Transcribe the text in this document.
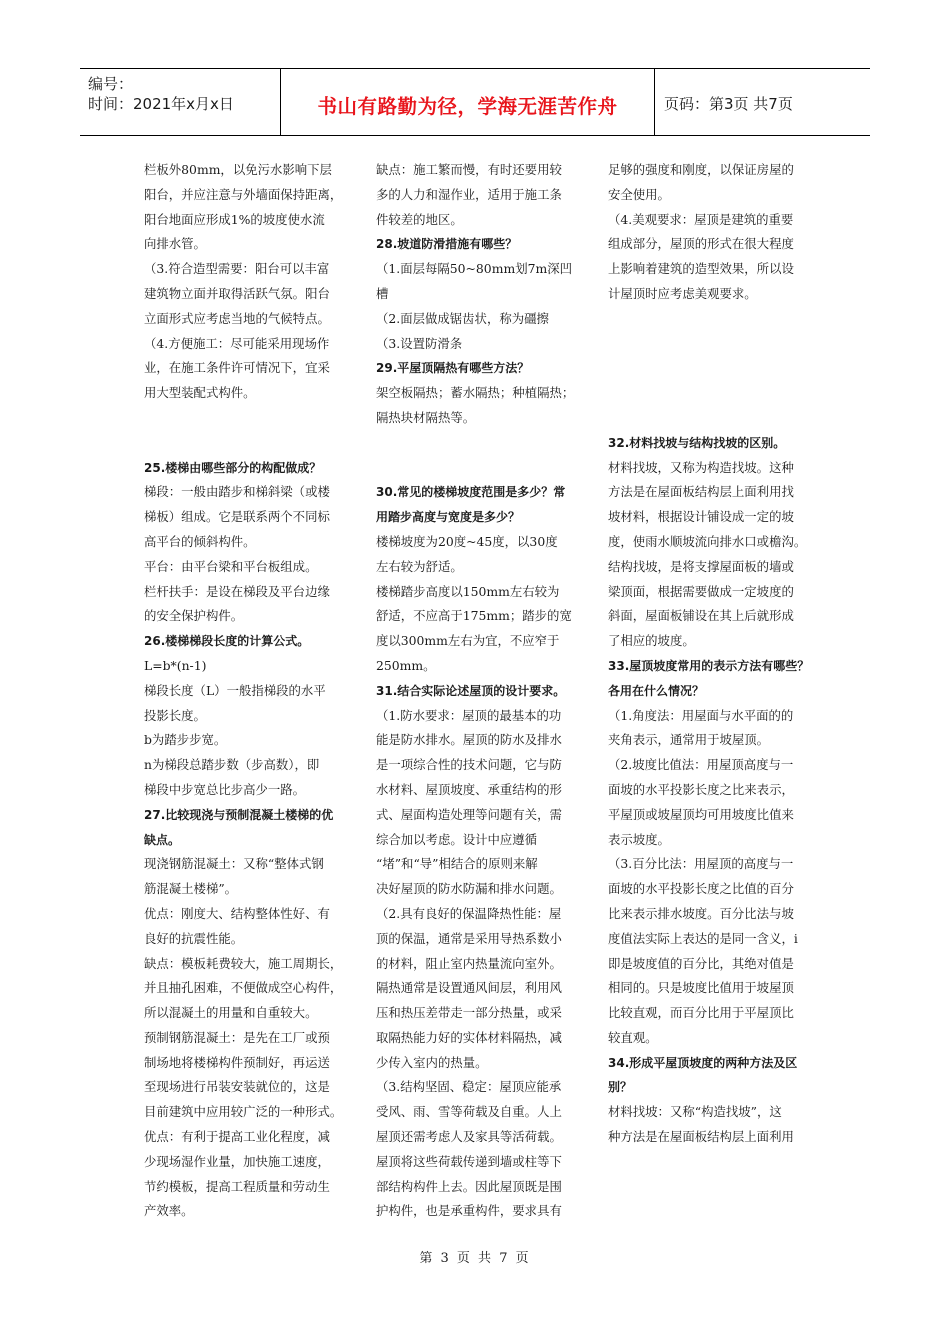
编号：
时间：2021年x月x日	书山有路勤为径，学海无涯苦作舟	页码：第3页 共7页

栏板外80mm，以免污水影响下层

阳台，并应注意与外墙面保持距离，

阳台地面应形成1%的坡度使水流

向排水管。

（3.符合造型需要：阳台可以丰富

建筑物立面并取得活跃气氛。阳台

立面形式应考虑当地的气候特点。

（4.方便施工：尽可能采用现场作

业，在施工条件许可情况下，宜采

用大型装配式构件。

25.楼梯由哪些部分的构配做成？

梯段：一般由踏步和梯斜梁（或楼

梯板）组成。它是联系两个不同标

高平台的倾斜构件。

平台：由平台梁和平台板组成。

栏杆扶手：是设在梯段及平台边缘

的安全保护构件。

26.楼梯梯段长度的计算公式。

L=b*(n-1)

梯段长度（L）一般指梯段的水平

投影长度。

b为踏步步宽。

n为梯段总踏步数（步高数），即

梯段中步宽总比步高少一路。

27.比较现浇与预制混凝土楼梯的优

缺点。

现浇钢筋混凝土：又称“整体式钢

筋混凝土楼梯”。

优点：刚度大、结构整体性好、有

良好的抗震性能。

缺点：模板耗费较大，施工周期长，

并且抽孔困难，不便做成空心构件，

所以混凝土的用量和自重较大。

预制钢筋混凝土：是先在工厂或预

制场地将楼梯构件预制好，再运送

至现场进行吊装安装就位的，这是

目前建筑中应用较广泛的一种形式。

优点：有利于提高工业化程度，减

少现场湿作业量，加快施工速度，

节约模板，提高工程质量和劳动生

产效率。

缺点：施工繁而慢，有时还要用较

多的人力和湿作业，适用于施工条

件较差的地区。

28.坡道防滑措施有哪些？

（1.面层每隔50~80mm划7m深凹

槽

（2.面层做成锯齿状，称为礓擦

（3.设置防滑条

29.平屋顶隔热有哪些方法？

架空板隔热；蓄水隔热；种植隔热；

隔热块材隔热等。

30.常见的楼梯坡度范围是多少？常

用踏步高度与宽度是多少？

楼梯坡度为20度~45度，以30度

左右较为舒适。

楼梯踏步高度以150mm左右较为

舒适，不应高于175mm；踏步的宽

度以300mm左右为宜，不应窄于

250mm。

31.结合实际论述屋顶的设计要求。

（1.防水要求：屋顶的最基本的功

能是防水排水。屋顶的防水及排水

是一项综合性的技术问题，它与防

水材料、屋顶坡度、承重结构的形

式、屋面构造处理等问题有关，需

综合加以考虑。设计中应遵循

“堵”和“导”相结合的原则来解

决好屋顶的防水防漏和排水问题。

（2.具有良好的保温降热性能：屋

顶的保温，通常是采用导热系数小

的材料，阻止室内热量流向室外。

隔热通常是设置通风间层，利用风

压和热压差带走一部分热量，或采

取隔热能力好的实体材料隔热，减

少传入室内的热量。

（3.结构坚固、稳定：屋顶应能承

受风、雨、雪等荷载及自重。人上

屋顶还需考虑人及家具等活荷载。

屋顶将这些荷载传递到墙或柱等下

部结构构件上去。因此屋顶既是围

护构件，也是承重构件，要求具有

足够的强度和刚度，以保证房屋的

安全使用。

（4.美观要求：屋顶是建筑的重要

组成部分，屋顶的形式在很大程度

上影响着建筑的造型效果，所以设

计屋顶时应考虑美观要求。

32.材料找坡与结构找坡的区别。

材料找坡，又称为构造找坡。这种

方法是在屋面板结构层上面利用找

坡材料，根据设计铺设成一定的坡

度，使雨水顺坡流向排水口或檐沟。

结构找坡，是将支撑屋面板的墙或

梁顶面，根据需要做成一定坡度的

斜面，屋面板铺设在其上后就形成

了相应的坡度。

33.屋顶坡度常用的表示方法有哪些？

各用在什么情况？

（1.角度法：用屋面与水平面的的

夹角表示，通常用于坡屋顶。

（2.坡度比值法：用屋顶高度与一

面坡的水平投影长度之比来表示，

平屋顶或坡屋顶均可用坡度比值来

表示坡度。

（3.百分比法：用屋顶的高度与一

面坡的水平投影长度之比值的百分

比来表示排水坡度。百分比法与坡

度值法实际上表达的是同一含义，i

即是坡度值的百分比，其绝对值是

相同的。只是坡度比值用于坡屋顶

比较直观，而百分比用于平屋顶比

较直观。

34.形成平屋顶坡度的两种方法及区

别？

材料找坡：又称“构造找坡”，这

种方法是在屋面板结构层上面利用

第 3 页 共 7 页
